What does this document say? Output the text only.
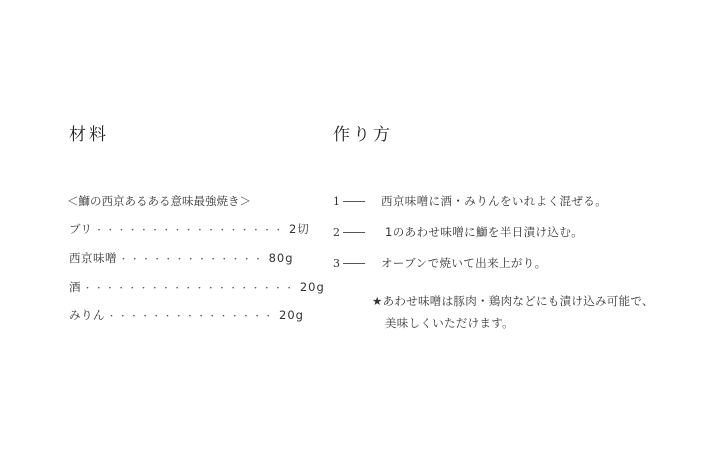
材料	作り方
＜鰤の西京あるある意味最強焼き＞
ブリ ・・・・・・・・・・・・・・・・・ 2切
西京味噌 ・・・・・・・・・・・・・ 80g
酒 ・・・・・・・・・・・・・・・・・・・ 20g
みりん ・・・・・・・・・・・・・・・ 20g
1	西京味噌に酒・みりんをいれよく混ぜる。
2	1のあわせ味噌に鰤を半日漬け込む。
3	オーブンで焼いて出来上がり。
★あわせ味噌は豚肉・鶏肉などにも漬け込み可能で、
美味しくいただけます。
